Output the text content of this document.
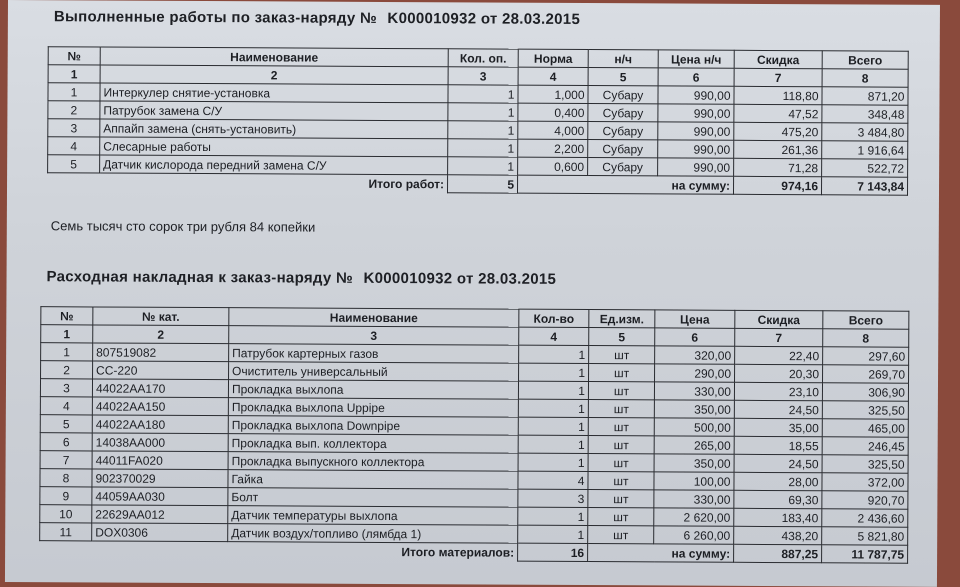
Выполненные работы по заказ-наряду № K000010932 от 28.03.2015
№	Наименование	Кол. оп.	Норма	н/ч	Цена н/ч	Скидка	Всего
1	2	3	4	5	6	7	8
1	Интеркулер снятие-установка	1	1,000	Субару	990,00	118,80	871,20
2	Патрубок замена С/У	1	0,400	Субару	990,00	47,52	348,48
3	Аппайп замена (снять-установить)	1	4,000	Субару	990,00	475,20	3 484,80
4	Слесарные работы	1	2,200	Субару	990,00	261,36	1 916,64
5	Датчик кислорода передний замена С/У	1	0,600	Субару	990,00	71,28	522,72
	Итого работ:	5	на сумму:			974,16	7 143,84
Семь тысяч сто сорок три рубля 84 копейки
Расходная накладная к заказ-наряду № K000010932 от 28.03.2015
№	№ кат.	Наименование	Кол-во	Ед.изм.	Цена	Скидка	Всего
1	2	3	4	5	6	7	8
1	807519082	Патрубок картерных газов	1	шт	320,00	22,40	297,60
2	CC-220	Очиститель универсальный	1	шт	290,00	20,30	269,70
3	44022AA170	Прокладка выхлопа	1	шт	330,00	23,10	306,90
4	44022AA150	Прокладка выхлопа Uppipe	1	шт	350,00	24,50	325,50
5	44022AA180	Прокладка выхлопа Downpipe	1	шт	500,00	35,00	465,00
6	14038AA000	Прокладка вып. коллектора	1	шт	265,00	18,55	246,45
7	44011FA020	Прокладка выпускного коллектора	1	шт	350,00	24,50	325,50
8	902370029	Гайка	4	шт	100,00	28,00	372,00
9	44059AA030	Болт	3	шт	330,00	69,30	920,70
10	22629AA012	Датчик температуры выхлопа	1	шт	2 620,00	183,40	2 436,60
11	DOX0306	Датчик воздух/топливо (лямбда 1)	1	шт	6 260,00	438,20	5 821,80
	Итого материалов:		16	на сумму:		887,25	11 787,75
